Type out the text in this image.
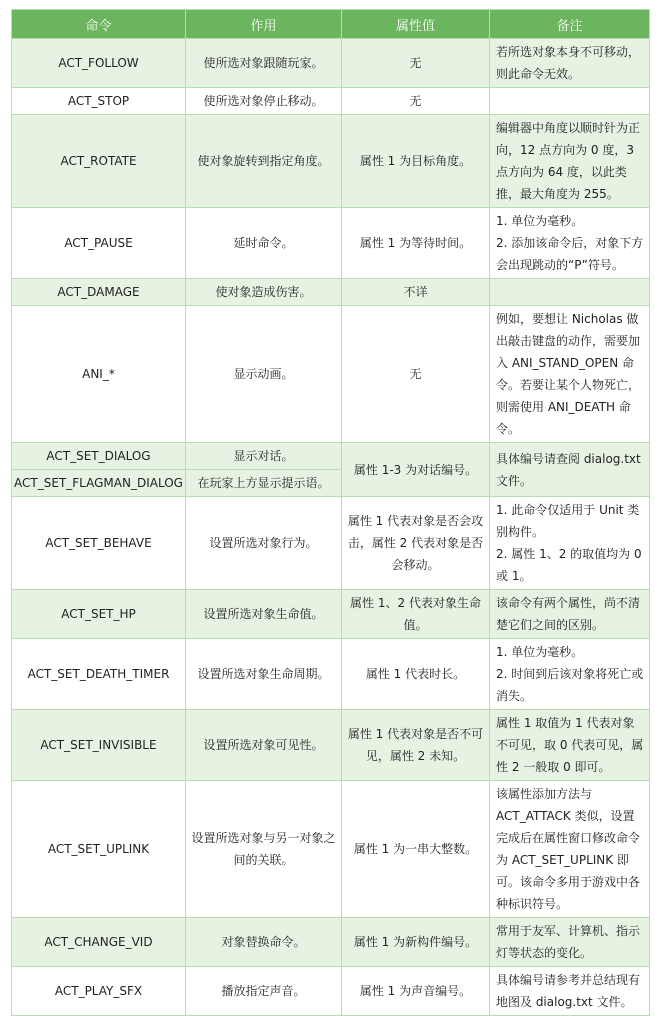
命令	作用	属性值	备注
ACT_FOLLOW	使所选对象跟随玩家。	无	若所选对象本身不可移动，则此命令无效。
ACT_STOP	使所选对象停止移动。	无	
ACT_ROTATE	使对象旋转到指定角度。	属性 1 为目标角度。	编辑器中角度以顺时针为正向，12 点方向为 0 度，3 点方向为 64 度，以此类推，最大角度为 255。
ACT_PAUSE	延时命令。	属性 1 为等待时间。	1. 单位为毫秒。
2. 添加该命令后，对象下方会出现跳动的“P”符号。
ACT_DAMAGE	使对象造成伤害。	不详	
ANI_*	显示动画。	无	例如，要想让 Nicholas 做出敲击键盘的动作，需要加入 ANI_STAND_OPEN 命令。若要让某个人物死亡，则需使用 ANI_DEATH 命令。
ACT_SET_DIALOG	显示对话。	属性 1-3 为对话编号。	具体编号请查阅 dialog.txt 文件。
ACT_SET_FLAGMAN_DIALOG	在玩家上方显示提示语。		
ACT_SET_BEHAVE	设置所选对象行为。	属性 1 代表对象是否会攻击，属性 2 代表对象是否会移动。	1. 此命令仅适用于 Unit 类别构件。
2. 属性 1、2 的取值均为 0 或 1。
ACT_SET_HP	设置所选对象生命值。	属性 1、2 代表对象生命值。	该命令有两个属性，尚不清楚它们之间的区别。
ACT_SET_DEATH_TIMER	设置所选对象生命周期。	属性 1 代表时长。	1. 单位为毫秒。
2. 时间到后该对象将死亡或消失。
ACT_SET_INVISIBLE	设置所选对象可见性。	属性 1 代表对象是否不可见，属性 2 未知。	属性 1 取值为 1 代表对象不可见，取 0 代表可见，属性 2 一般取 0 即可。
ACT_SET_UPLINK	设置所选对象与另一对象之间的关联。	属性 1 为一串大整数。	该属性添加方法与 ACT_ATTACK 类似，设置完成后在属性窗口修改命令为 ACT_SET_UPLINK 即可。该命令多用于游戏中各种标识符号。
ACT_CHANGE_VID	对象替换命令。	属性 1 为新构件编号。	常用于友军、计算机、指示灯等状态的变化。
ACT_PLAY_SFX	播放指定声音。	属性 1 为声音编号。	具体编号请参考并总结现有地图及 dialog.txt 文件。
